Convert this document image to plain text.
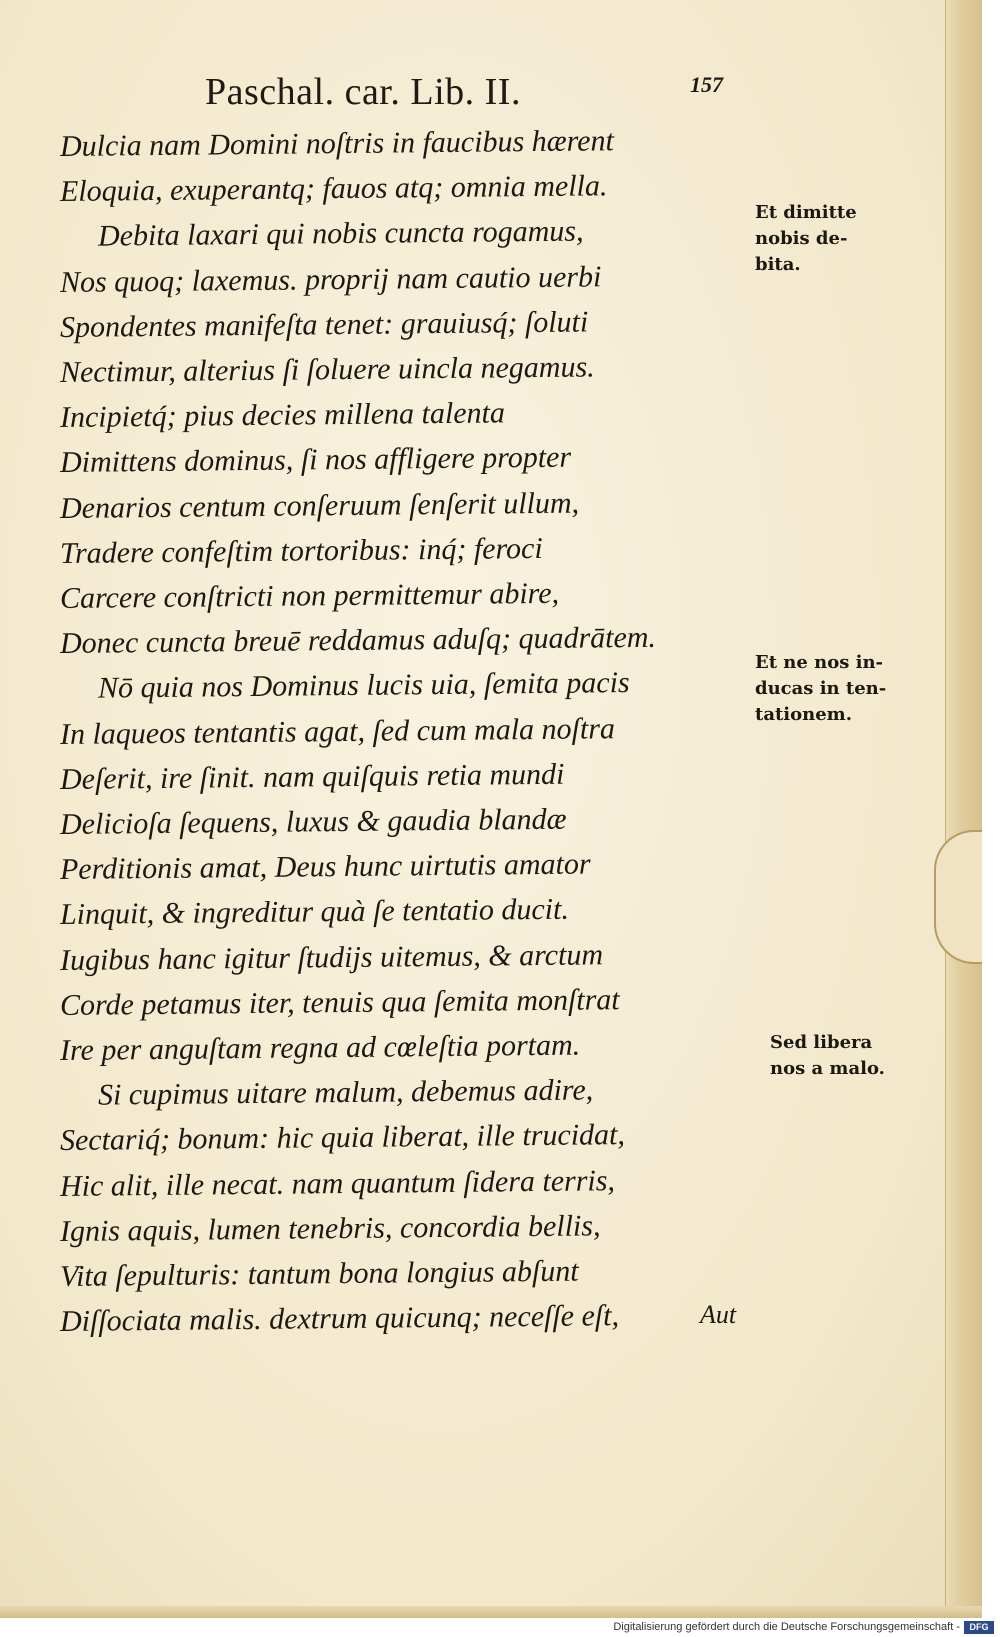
Paschal. car. Lib. II.	157
Dulcia nam Domini noſtris in faucibus hærent
Eloquia, exuperantq; fauos atq; omnia mella.
Debita laxari qui nobis cuncta rogamus,
Nos quoq; laxemus. proprij nam cautio uerbi
Spondentes manifeſta tenet: grauiusq́; ſoluti
Nectimur, alterius ſi ſoluere uincla negamus.
Incipietq́; pius decies millena talenta
Dimittens dominus, ſi nos affligere propter
Denarios centum conſeruum ſenſerit ullum,
Tradere confeſtim tortoribus: inq́; feroci
Carcere conſtricti non permittemur abire,
Donec cuncta breuē reddamus aduſq; quadrātem.
Nō quia nos Dominus lucis uia, ſemita pacis
In laqueos tentantis agat, ſed cum mala noſtra
Deſerit, ire ſinit. nam quiſquis retia mundi
Delicioſa ſequens, luxus & gaudia blandæ
Perditionis amat, Deus hunc uirtutis amator
Linquit, & ingreditur quà ſe tentatio ducit.
Iugibus hanc igitur ſtudijs uitemus, & arctum
Corde petamus iter, tenuis qua ſemita monſtrat
Ire per anguſtam regna ad cœleſtia portam.
Si cupimus uitare malum, debemus adire,
Sectariq́; bonum: hic quia liberat, ille trucidat,
Hic alit, ille necat. nam quantum ſidera terris,
Ignis aquis, lumen tenebris, concordia bellis,
Vita ſepulturis: tantum bona longius abſunt
Diſſociata malis. dextrum quicunq; neceſſe eſt,
Et dimitte
nobis de-
bita.
Et ne nos in-
ducas in ten-
tationem.
Sed libera
nos a malo.
Aut
Digitalisierung gefördert durch die Deutsche Forschungsgemeinschaft -	DFG
